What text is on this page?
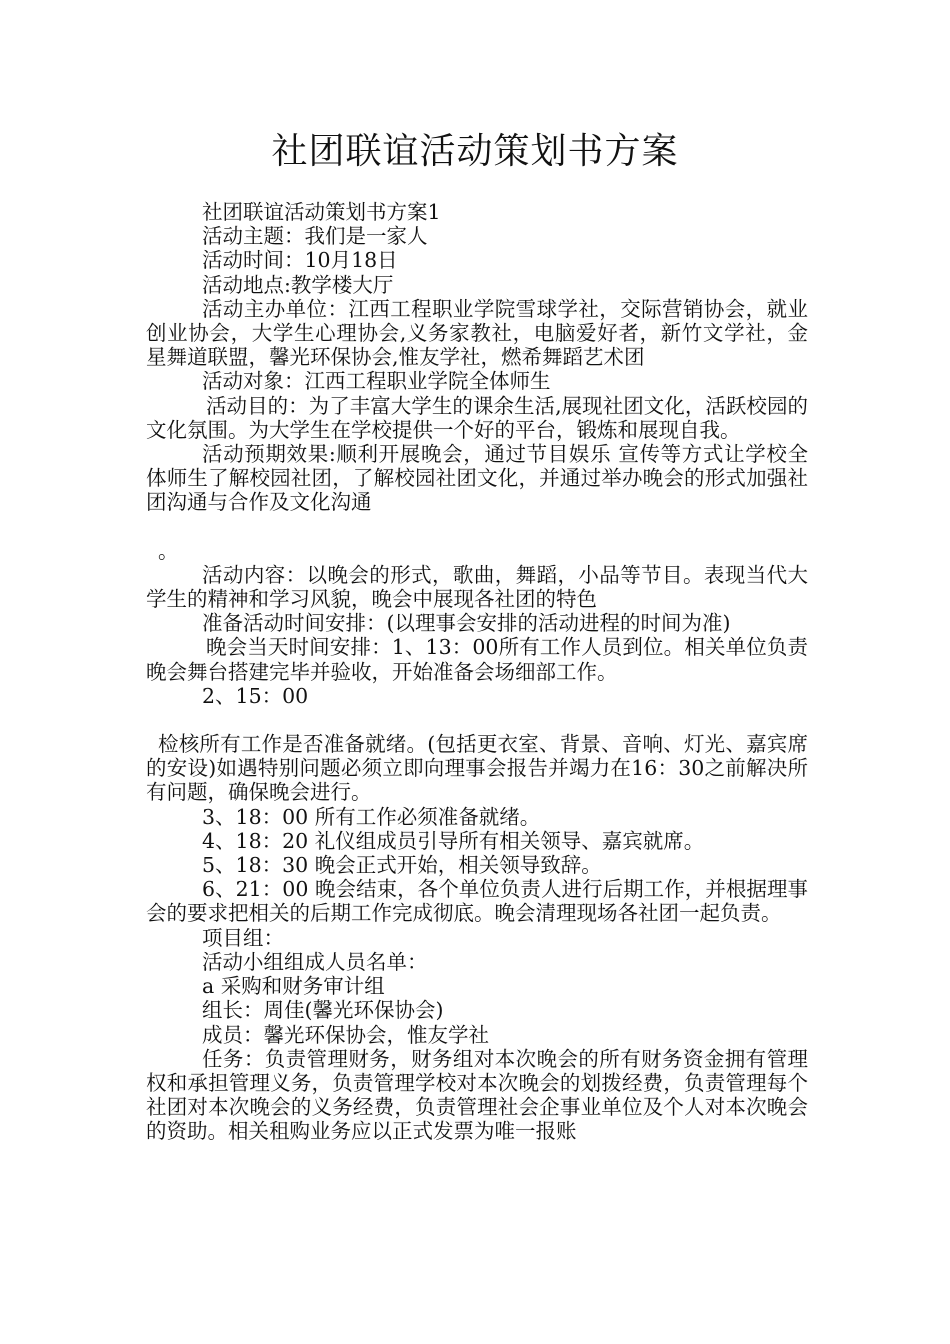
社团联谊活动策划书方案

社团联谊活动策划书方案1

活动主题：我们是一家人

活动时间：10月18日

活动地点:教学楼大厅

活动主办单位：江西工程职业学院雪球学社，交际营销协会，就业创业协会，大学生心理协会,义务家教社，电脑爱好者，新竹文学社，金星舞道联盟，馨光环保协会,惟友学社，燃希舞蹈艺术团

活动对象：江西工程职业学院全体师生

活动目的：为了丰富大学生的课余生活,展现社团文化，活跃校园的文化氛围。为大学生在学校提供一个好的平台，锻炼和展现自我。

活动预期效果:顺利开展晚会，通过节目娱乐 宣传等方式让学校全体师生了解校园社团，了解校园社团文化，并通过举办晚会的形式加强社团沟通与合作及文化沟通

。

活动内容：以晚会的形式，歌曲，舞蹈，小品等节目。表现当代大学生的精神和学习风貌，晚会中展现各社团的特色

准备活动时间安排：(以理事会安排的活动进程的时间为准)

晚会当天时间安排：1、13：00所有工作人员到位。相关单位负责晚会舞台搭建完毕并验收，开始准备会场细部工作。

2、15：00

检核所有工作是否准备就绪。(包括更衣室、背景、音响、灯光、嘉宾席的安设)如遇特别问题必须立即向理事会报告并竭力在16：30之前解决所有问题，确保晚会进行。

3、18：00 所有工作必须准备就绪。

4、18：20 礼仪组成员引导所有相关领导、嘉宾就席。

5、18：30 晚会正式开始，相关领导致辞。

6、21：00 晚会结束，各个单位负责人进行后期工作，并根据理事会的要求把相关的后期工作完成彻底。晚会清理现场各社团一起负责。

项目组：

活动小组组成人员名单：

a 采购和财务审计组

组长：周佳(馨光环保协会)

成员：馨光环保协会，惟友学社

任务：负责管理财务，财务组对本次晚会的所有财务资金拥有管理权和承担管理义务，负责管理学校对本次晚会的划拨经费，负责管理每个社团对本次晚会的义务经费，负责管理社会企事业单位及个人对本次晚会的资助。相关租购业务应以正式发票为唯一报账
